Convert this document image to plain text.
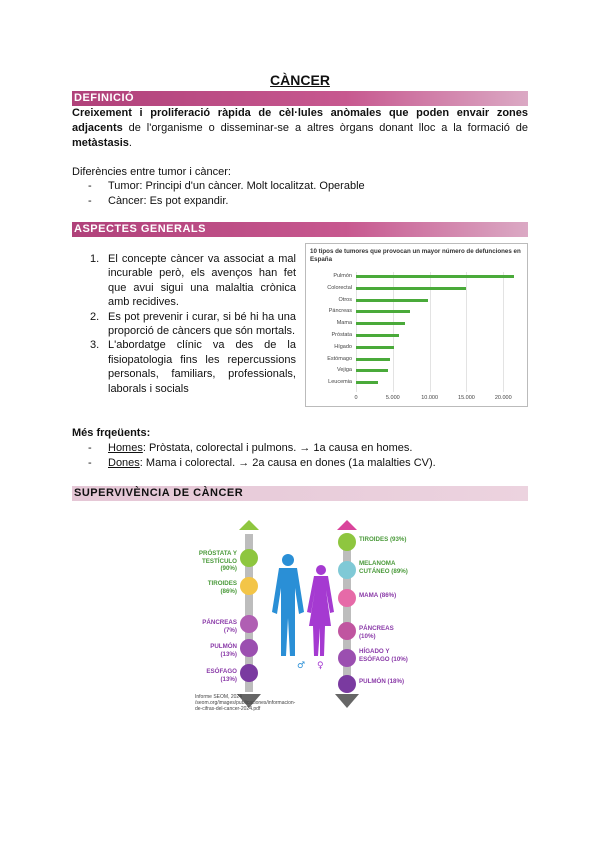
CÀNCER
DEFINICIÓ
Creixement i proliferació ràpida de cèl·lules anòmales que poden envair zones adjacents de l'organisme o disseminar-se a altres òrgans donant lloc a la formació de metàstasis.
Diferències entre tumor i càncer:
- Tumor: Principi d'un càncer. Molt localitzat. Operable
- Càncer: Es pot expandir.
ASPECTES GENERALS
1. El concepte càncer va associat a mal incurable però, els avenços han fet que avui sigui una malaltia crònica amb recidives.
2. Es pot prevenir i curar, si bé hi ha una proporció de càncers que són mortals.
3. L'abordatge clínic va des de la fisiopatologia fins les repercussions personals, familiars, professionals, laborals i socials
10 tipos de tumores que provocan un mayor número de defunciones en España
0	5.000	10.000	15.000	20.000
Pulmón
Colorectal
Otros
Páncreas
Mama
Próstata
Hígado
Estómago
Vejiga
Leucemia
Més frqeüents:
- Homes: Pròstata, colorectal i pulmons. → 1a causa en homes.
- Dones: Mama i colorectal. → 2a causa en dones (1a malalties CV).
SUPERVIVÈNCIA DE CÀNCER
♂ ♀
PRÓSTATA Y TESTÍCULO (90%)
TIROIDES (86%)
PÁNCREAS (7%)
PULMÓN (13%)
ESÓFAGO (13%)
TIROIDES (93%)
MELANOMA CUTÁNEO (89%)
MAMA (86%)
PÁNCREAS (10%)
HÍGADO Y ESÓFAGO (10%)
PULMÓN (18%)
Informe SEOM, 2024 /seom.org/images/publicaciones/informacion-de-cifras-del-cancer-2024.pdf
